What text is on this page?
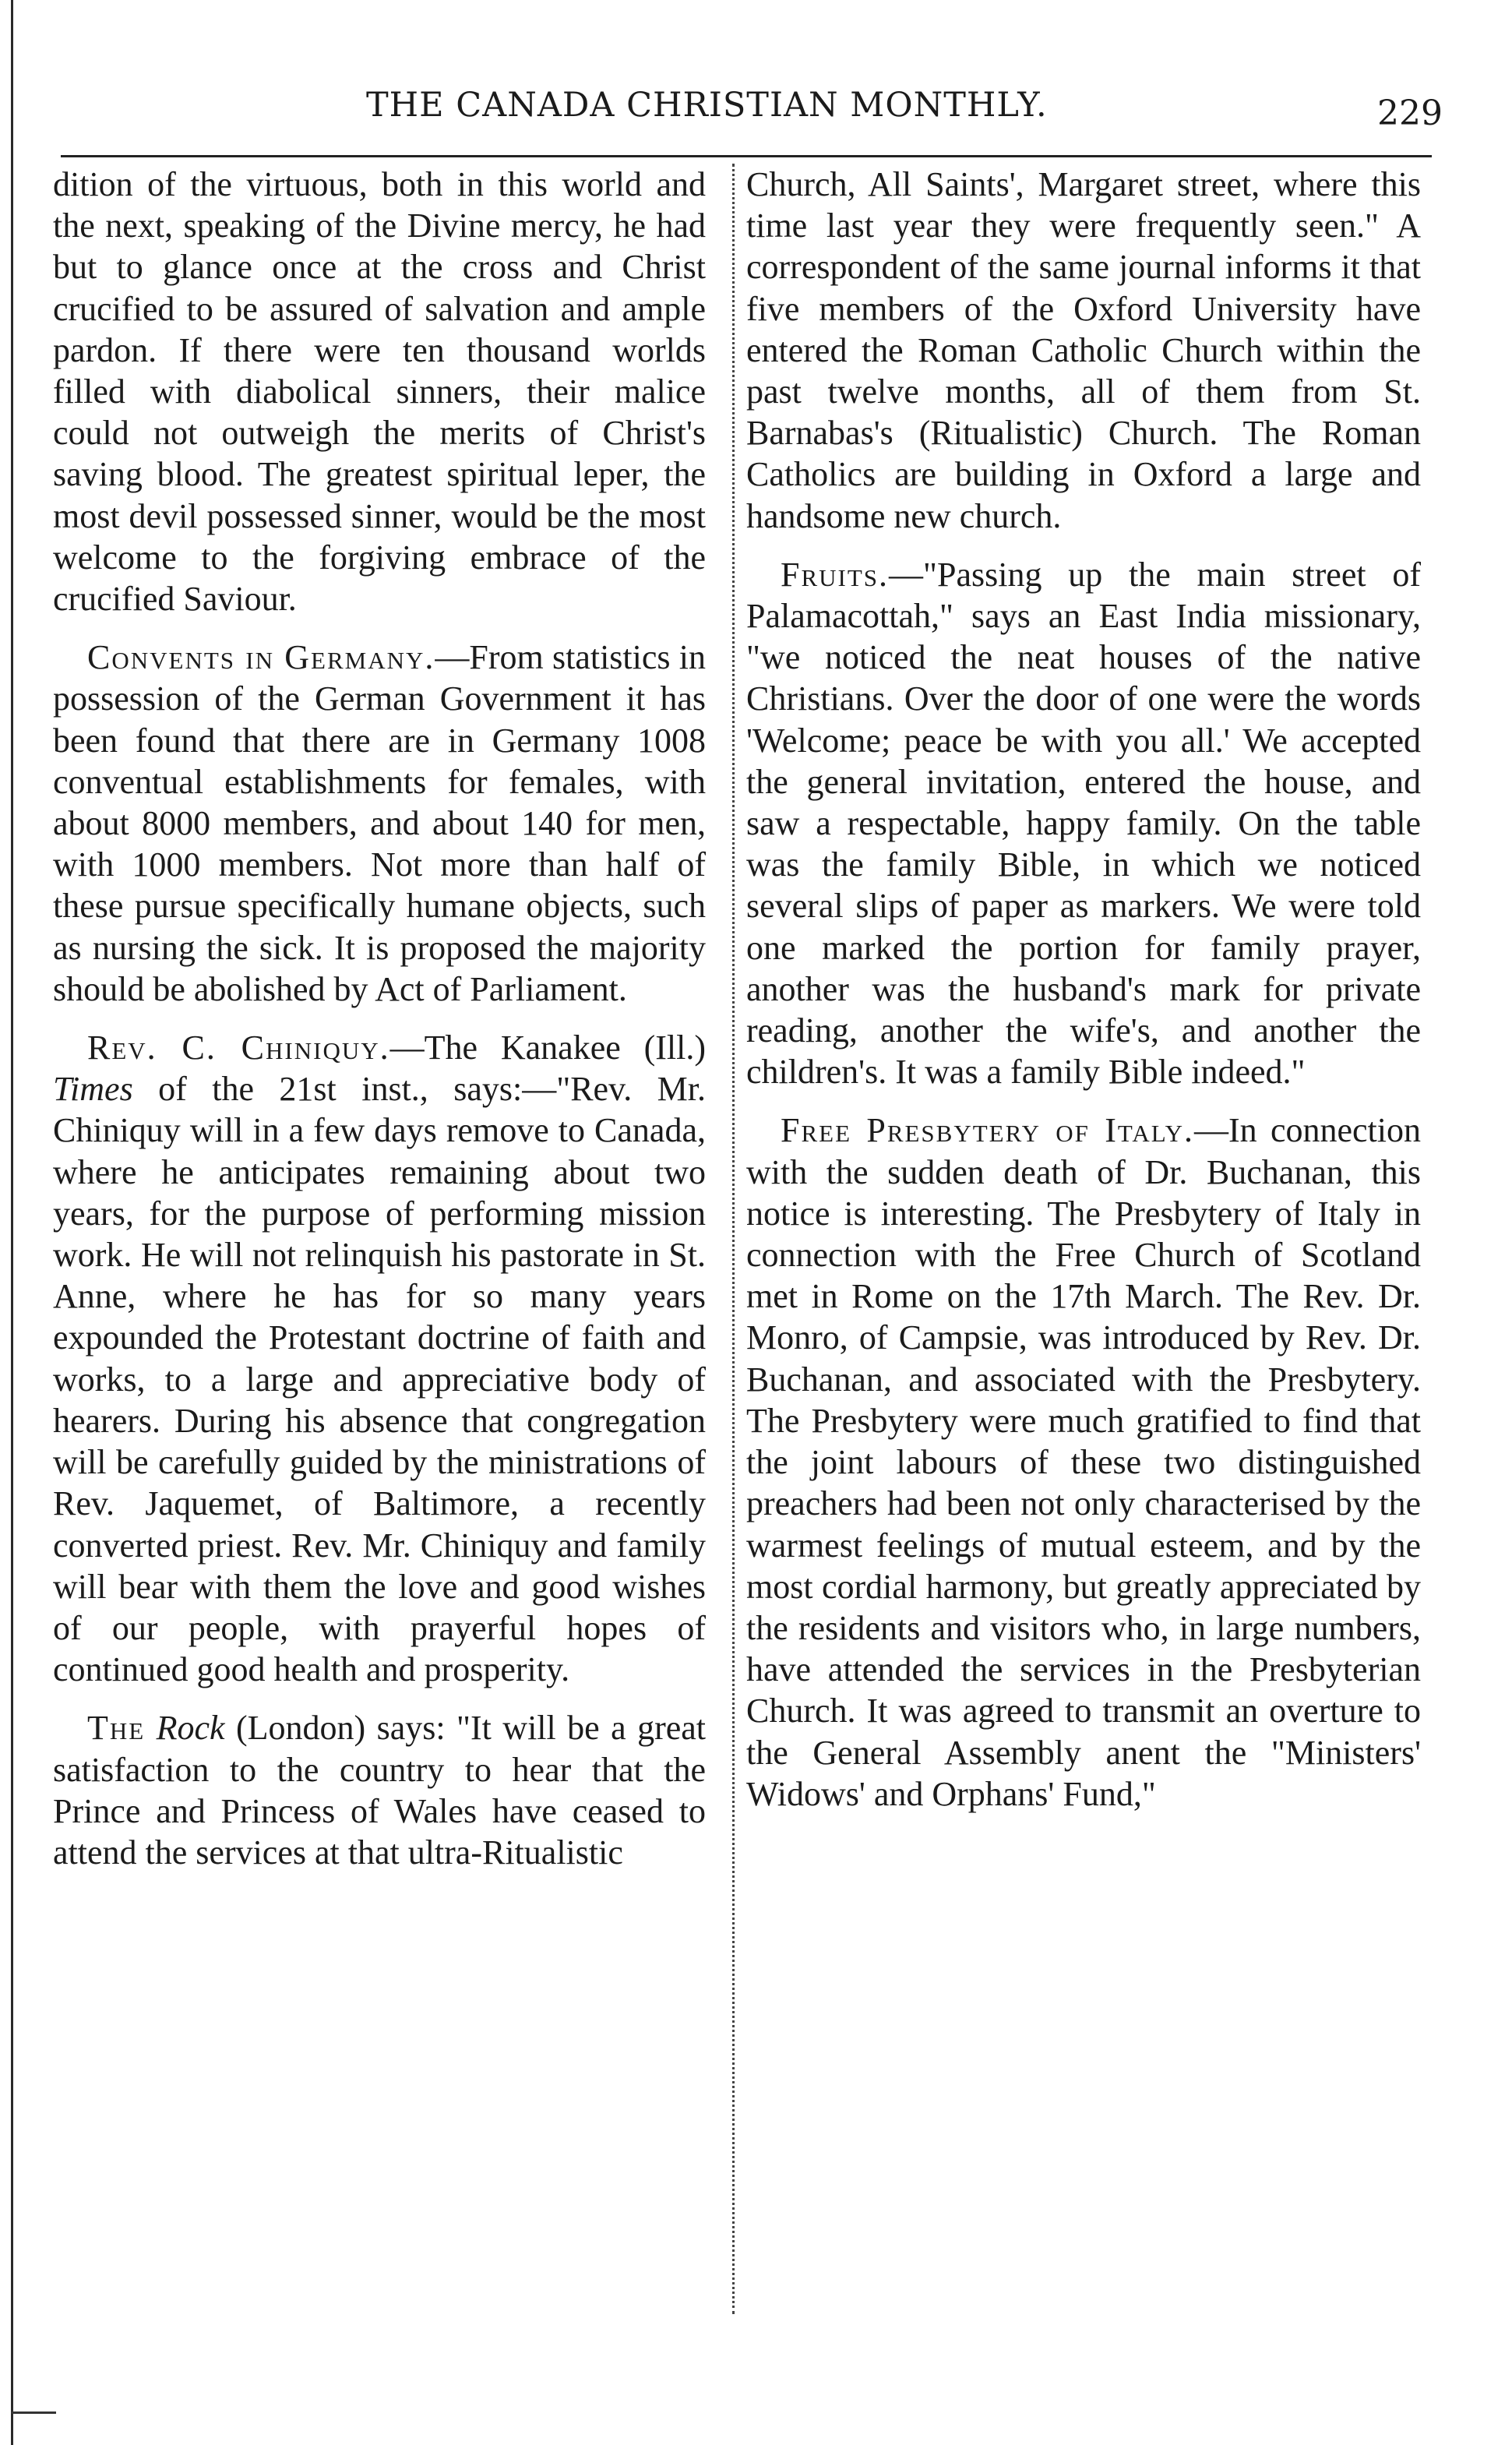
THE CANADA CHRISTIAN MONTHLY.	229

dition of the virtuous, both in this world and the next, speaking of the Divine mercy, he had but to glance once at the cross and Christ crucified to be assured of salvation and ample pardon. If there were ten thousand worlds filled with diabolical sinners, their malice could not outweigh the merits of Christ's saving blood. The greatest spiritual leper, the most devil possessed sinner, would be the most welcome to the forgiving embrace of the crucified Saviour.

Convents in Germany.—From statistics in possession of the German Government it has been found that there are in Germany 1008 conventual establishments for females, with about 8000 members, and about 140 for men, with 1000 members. Not more than half of these pursue specifically humane objects, such as nursing the sick. It is proposed the majority should be abolished by Act of Parliament.

Rev. C. Chiniquy.—The Kanakee (Ill.) Times of the 21st inst., says:—"Rev. Mr. Chiniquy will in a few days remove to Canada, where he anticipates remaining about two years, for the purpose of performing mission work. He will not relinquish his pastorate in St. Anne, where he has for so many years expounded the Protestant doctrine of faith and works, to a large and appreciative body of hearers. During his absence that congregation will be carefully guided by the ministrations of Rev. Jaquemet, of Baltimore, a recently converted priest. Rev. Mr. Chiniquy and family will bear with them the love and good wishes of our people, with prayerful hopes of continued good health and prosperity.

The Rock (London) says: "It will be a great satisfaction to the country to hear that the Prince and Princess of Wales have ceased to attend the services at that ultra-Ritualistic

Church, All Saints', Margaret street, where this time last year they were frequently seen." A correspondent of the same journal informs it that five members of the Oxford University have entered the Roman Catholic Church within the past twelve months, all of them from St. Barnabas's (Ritualistic) Church. The Roman Catholics are building in Oxford a large and handsome new church.

Fruits.—"Passing up the main street of Palamacottah," says an East India missionary, "we noticed the neat houses of the native Christians. Over the door of one were the words 'Welcome; peace be with you all.' We accepted the general invitation, entered the house, and saw a respectable, happy family. On the table was the family Bible, in which we noticed several slips of paper as markers. We were told one marked the portion for family prayer, another was the husband's mark for private reading, another the wife's, and another the children's. It was a family Bible indeed."

Free Presbytery of Italy.—In connection with the sudden death of Dr. Buchanan, this notice is interesting. The Presbytery of Italy in connection with the Free Church of Scotland met in Rome on the 17th March. The Rev. Dr. Monro, of Campsie, was introduced by Rev. Dr. Buchanan, and associated with the Presbytery. The Presbytery were much gratified to find that the joint labours of these two distinguished preachers had been not only characterised by the warmest feelings of mutual esteem, and by the most cordial harmony, but greatly appreciated by the residents and visitors who, in large numbers, have attended the services in the Presbyterian Church. It was agreed to transmit an overture to the General Assembly anent the "Ministers' Widows' and Orphans' Fund,"
